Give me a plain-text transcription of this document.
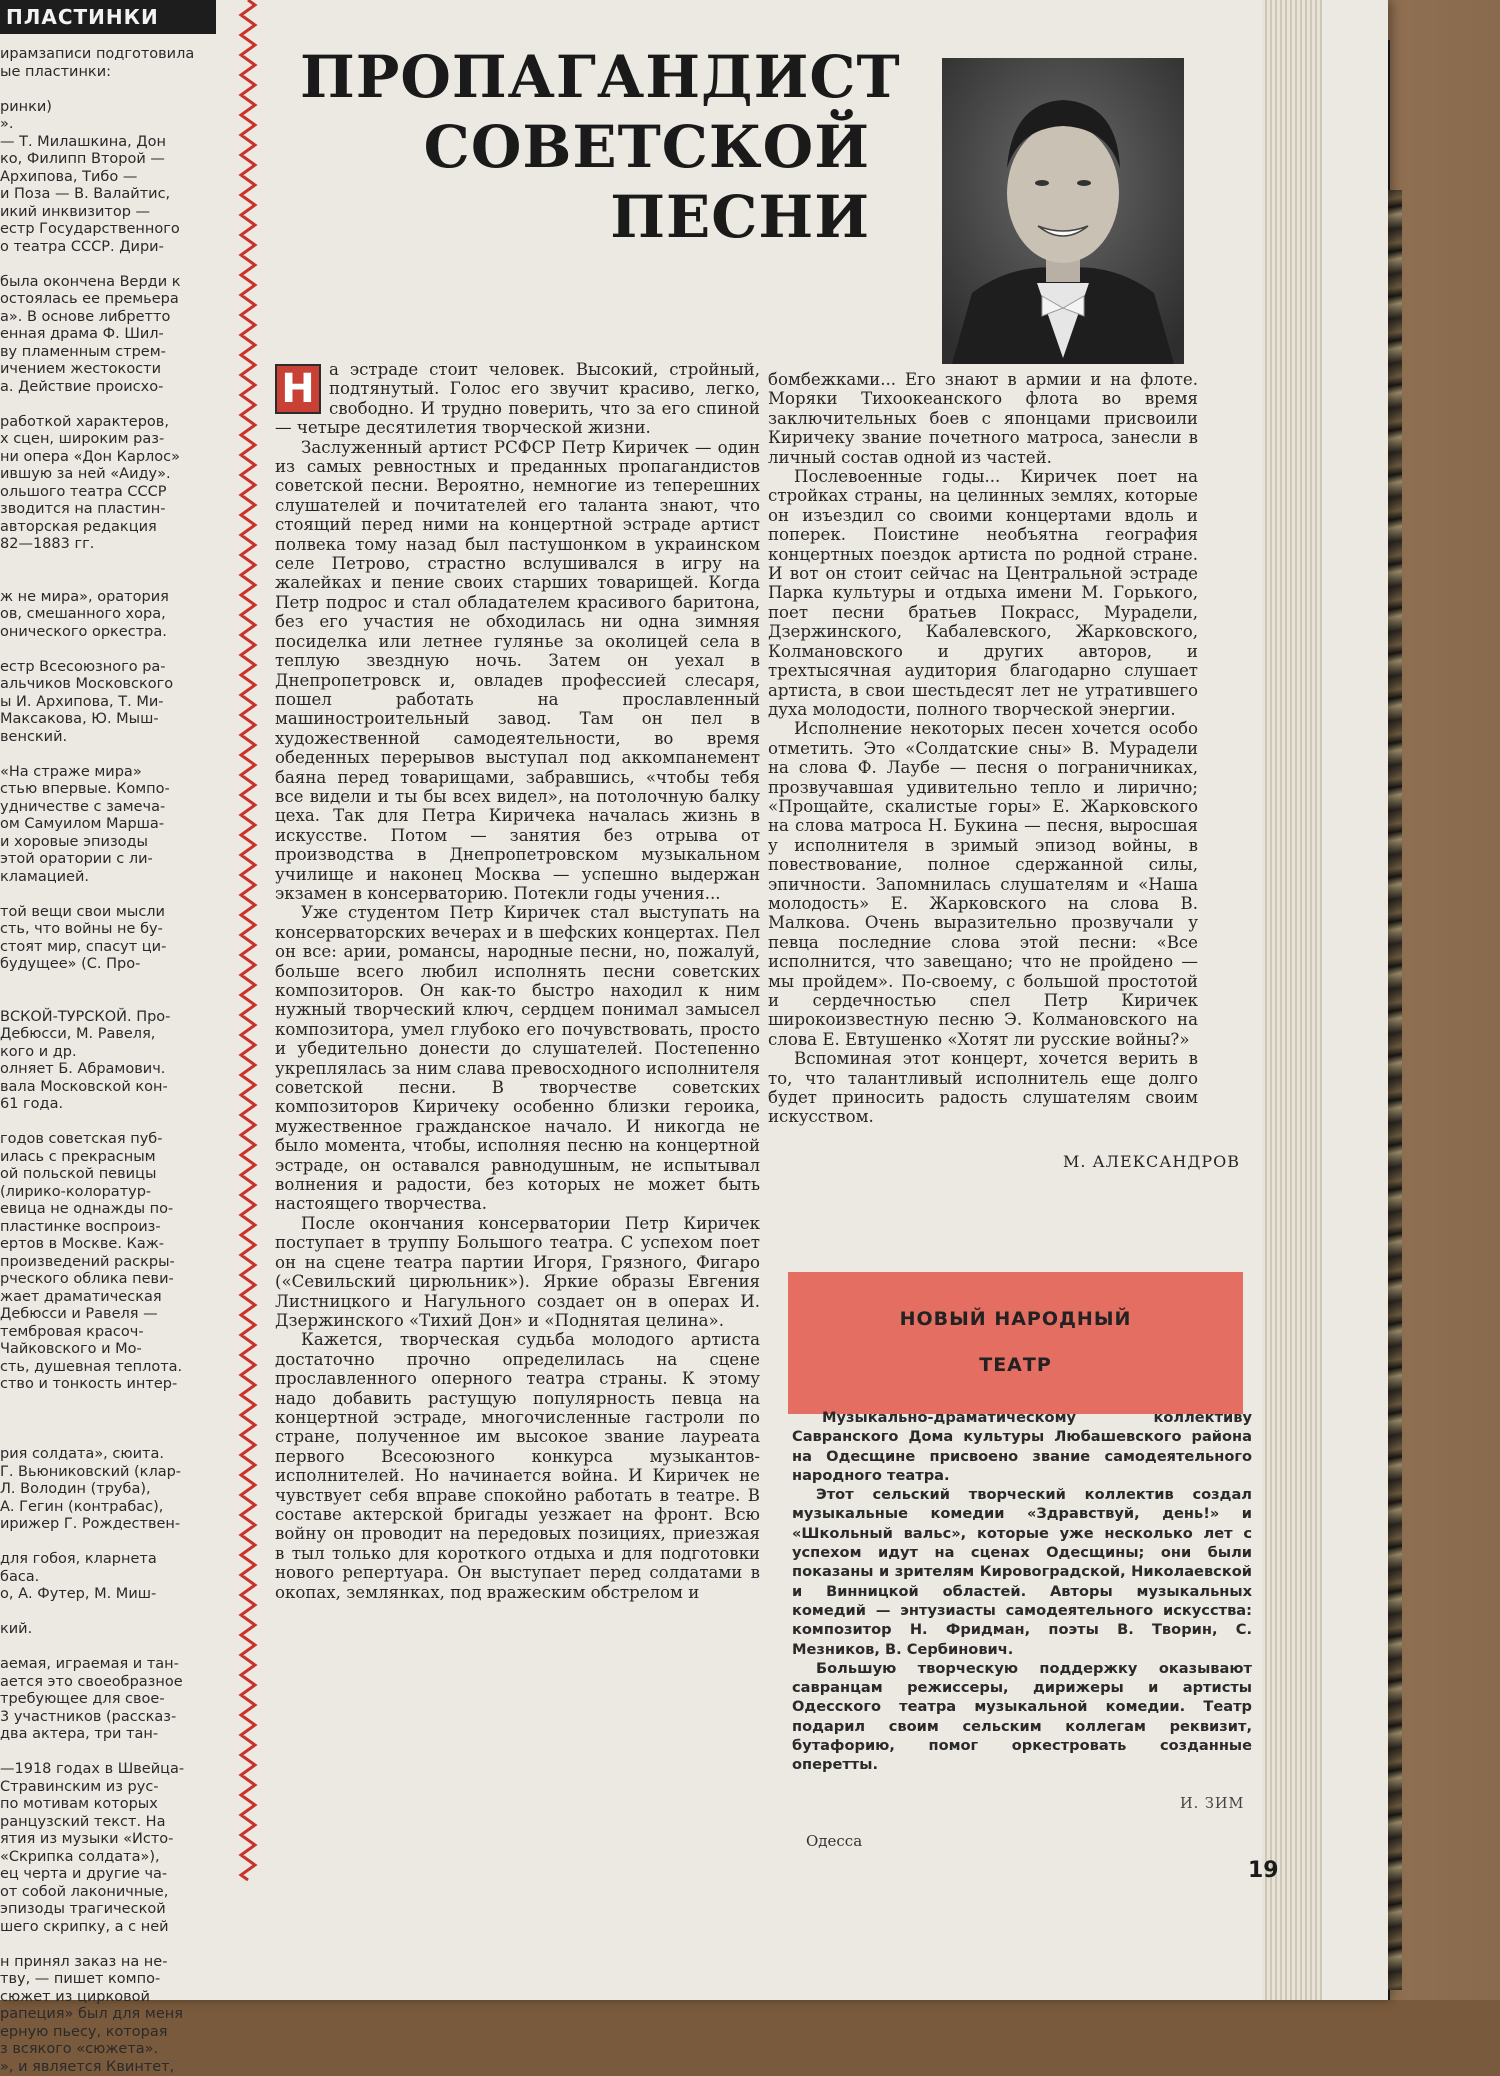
ПЛАСТИНКИ
ирамзаписи подготовила
ые пластинки:

ринки)
».
— Т. Милашкина, Дон
ко, Филипп Второй —
Архипова, Тибо —
и Поза — В. Валайтис,
икий инквизитор —
естр Государственного
о театра СССР. Дири-

была окончена Верди к
остоялась ее премьера
а». В основе либретто
енная драма Ф. Шил-
ву пламенным стрем-
ичением жестокости
а. Действие происхо-

работкой характеров,
х сцен, широким раз-
ни опера «Дон Карлос»
ившую за ней «Аиду».
ольшого театра СССР
зводится на пластин-
авторская редакция
82—1883 гг.

ж не мира», оратория
ов, смешанного хора,
онического оркестра.

естр Всесоюзного ра-
альчиков Московского
ы И. Архипова, Т. Ми-
Максакова, Ю. Мыш-
венский.

«На страже мира»
стью впервые. Компо-
удничестве с замеча-
ом Самуилом Марша-
и хоровые эпизоды
этой оратории с ли-
кламацией.

той вещи свои мысли
сть, что войны не бу-
стоят мир, спасут ци-
будущее» (С. Про-

ВСКОЙ-ТУРСКОЙ. Про-
Дебюсси, М. Равеля,
кого и др.
олняет Б. Абрамович.
вала Московской кон-
61 года.

годов советская пуб-
илась с прекрасным
ой польской певицы
(лирико-колоратур-
евица не однажды по-
пластинке воспроиз-
ертов в Москве. Каж-
произведений раскры-
рческого облика певи-
жает драматическая
Дебюсси и Равеля —
тембровая красоч-
Чайковского и Мо-
сть, душевная теплота.
ство и тонкость интер-

рия солдата», сюита.
Г. Вьюниковский (клар-
Л. Володин (труба),
А. Гегин (контрабас),
ирижер Г. Рождествен-

для гобоя, кларнета
баса.
о, А. Футер, М. Миш-

кий.

аемая, играемая и тан-
ается это своеобразное
требующее для свое-
3 участников (рассказ-
два актера, три тан-

—1918 годах в Швейца-
Стравинским из рус-
по мотивам которых
ранцузский текст. На
ятия из музыки «Исто-
«Скрипка солдата»),
ец черта и другие ча-
от собой лаконичные,
эпизоды трагической
шего скрипку, а с ней

н принял заказ на не-
тву, — пишет компо-
сюжет из цирковой
рапеция» был для меня
ерную пьесу, которая
з всякого «сюжета».
», и является Квинтет,
ПРОПАГАНДИСТ
СОВЕТСКОЙ
ПЕСНИ

Н а эстраде стоит человек. Высокий, стройный, подтянутый. Голос его звучит красиво, легко, свободно. И трудно поверить, что за его спиной — четыре десятилетия творческой жизни.

Заслуженный артист РСФСР Петр Киричек — один из самых ревностных и преданных пропагандистов советской песни. Вероятно, немногие из теперешних слушателей и почитателей его таланта знают, что стоящий перед ними на концертной эстраде артист полвека тому назад был пастушонком в украинском селе Петрово, страстно вслушивался в игру на жалейках и пение своих старших товарищей. Когда Петр подрос и стал обладателем красивого баритона, без его участия не обходилась ни одна зимняя посиделка или летнее гулянье за околицей села в теплую звездную ночь. Затем он уехал в Днепропетровск и, овладев профессией слесаря, пошел работать на прославленный машиностроительный завод. Там он пел в художественной самодеятельности, во время обеденных перерывов выступал под аккомпанемент баяна перед товарищами, забравшись, «чтобы тебя все видели и ты бы всех видел», на потолочную балку цеха. Так для Петра Киричека началась жизнь в искусстве. Потом — занятия без отрыва от производства в Днепропетровском музыкальном училище и наконец Москва — успешно выдержан экзамен в консерваторию. Потекли годы учения...

Уже студентом Петр Киричек стал выступать на консерваторских вечерах и в шефских концертах. Пел он все: арии, романсы, народные песни, но, пожалуй, больше всего любил исполнять песни советских композиторов. Он как-то быстро находил к ним нужный творческий ключ, сердцем понимал замысел композитора, умел глубоко его почувствовать, просто и убедительно донести до слушателей. Постепенно укреплялась за ним слава превосходного исполнителя советской песни. В творчестве советских композиторов Киричеку особенно близки героика, мужественное гражданское начало. И никогда не было момента, чтобы, исполняя песню на концертной эстраде, он оставался равнодушным, не испытывал волнения и радости, без которых не может быть настоящего творчества.

После окончания консерватории Петр Киричек поступает в труппу Большого театра. С успехом поет он на сцене театра партии Игоря, Грязного, Фигаро («Севильский цирюльник»). Яркие образы Евгения Листницкого и Нагульного создает он в операх И. Дзержинского «Тихий Дон» и «Поднятая целина».

Кажется, творческая судьба молодого артиста достаточно прочно определилась на сцене прославленного оперного театра страны. К этому надо добавить растущую популярность певца на концертной эстраде, многочисленные гастроли по стране, полученное им высокое звание лауреата первого Всесоюзного конкурса музыкантов-исполнителей. Но начинается война. И Киричек не чувствует себя вправе спокойно работать в театре. В составе актерской бригады уезжает на фронт. Всю войну он проводит на передовых позициях, приезжая в тыл только для короткого отдыха и для подготовки нового репертуара. Он выступает перед солдатами в окопах, землянках, под вражеским обстрелом и

бомбежками... Его знают в армии и на флоте. Моряки Тихоокеанского флота во время заключительных боев с японцами присвоили Киричеку звание почетного матроса, занесли в личный состав одной из частей.

Послевоенные годы... Киричек поет на стройках страны, на целинных землях, которые он изъездил со своими концертами вдоль и поперек. Поистине необъятна география концертных поездок артиста по родной стране. И вот он стоит сейчас на Центральной эстраде Парка культуры и отдыха имени М. Горького, поет песни братьев Покрасс, Мурадели, Дзержинского, Кабалевского, Жарковского, Колмановского и других авторов, и трехтысячная аудитория благодарно слушает артиста, в свои шестьдесят лет не утратившего духа молодости, полного творческой энергии.

Исполнение некоторых песен хочется особо отметить. Это «Солдатские сны» В. Мурадели на слова Ф. Лаубе — песня о пограничниках, прозвучавшая удивительно тепло и лирично; «Прощайте, скалистые горы» Е. Жарковского на слова матроса Н. Букина — песня, выросшая у исполнителя в зримый эпизод войны, в повествование, полное сдержанной силы, эпичности. Запомнилась слушателям и «Наша молодость» Е. Жарковского на слова В. Малкова. Очень выразительно прозвучали у певца последние слова этой песни: «Все исполнится, что завещано; что не пройдено — мы пройдем». По-своему, с большой простотой и сердечностью спел Петр Киричек широкоизвестную песню Э. Колмановского на слова Е. Евтушенко «Хотят ли русские войны?»

Вспоминая этот концерт, хочется верить в то, что талантливый исполнитель еще долго будет приносить радость слушателям своим искусством.

М. АЛЕКСАНДРОВ
НОВЫЙ НАРОДНЫЙ
ТЕАТР

Музыкально-драматическому коллективу Савранского Дома культуры Любашевского района на Одесщине присвоено звание самодеятельного народного театра.

Этот сельский творческий коллектив создал музыкальные комедии «Здравствуй, день!» и «Школьный вальс», которые уже несколько лет с успехом идут на сценах Одесщины; они были показаны и зрителям Кировоградской, Николаевской и Винницкой областей. Авторы музыкальных комедий — энтузиасты самодеятельного искусства: композитор Н. Фридман, поэты В. Творин, С. Мезников, В. Сербинович.

Большую творческую поддержку оказывают савранцам режиссеры, дирижеры и артисты Одесского театра музыкальной комедии. Театр подарил своим сельским коллегам реквизит, бутафорию, помог оркестровать созданные оперетты.

И. ЗИМ
Одесса
19
